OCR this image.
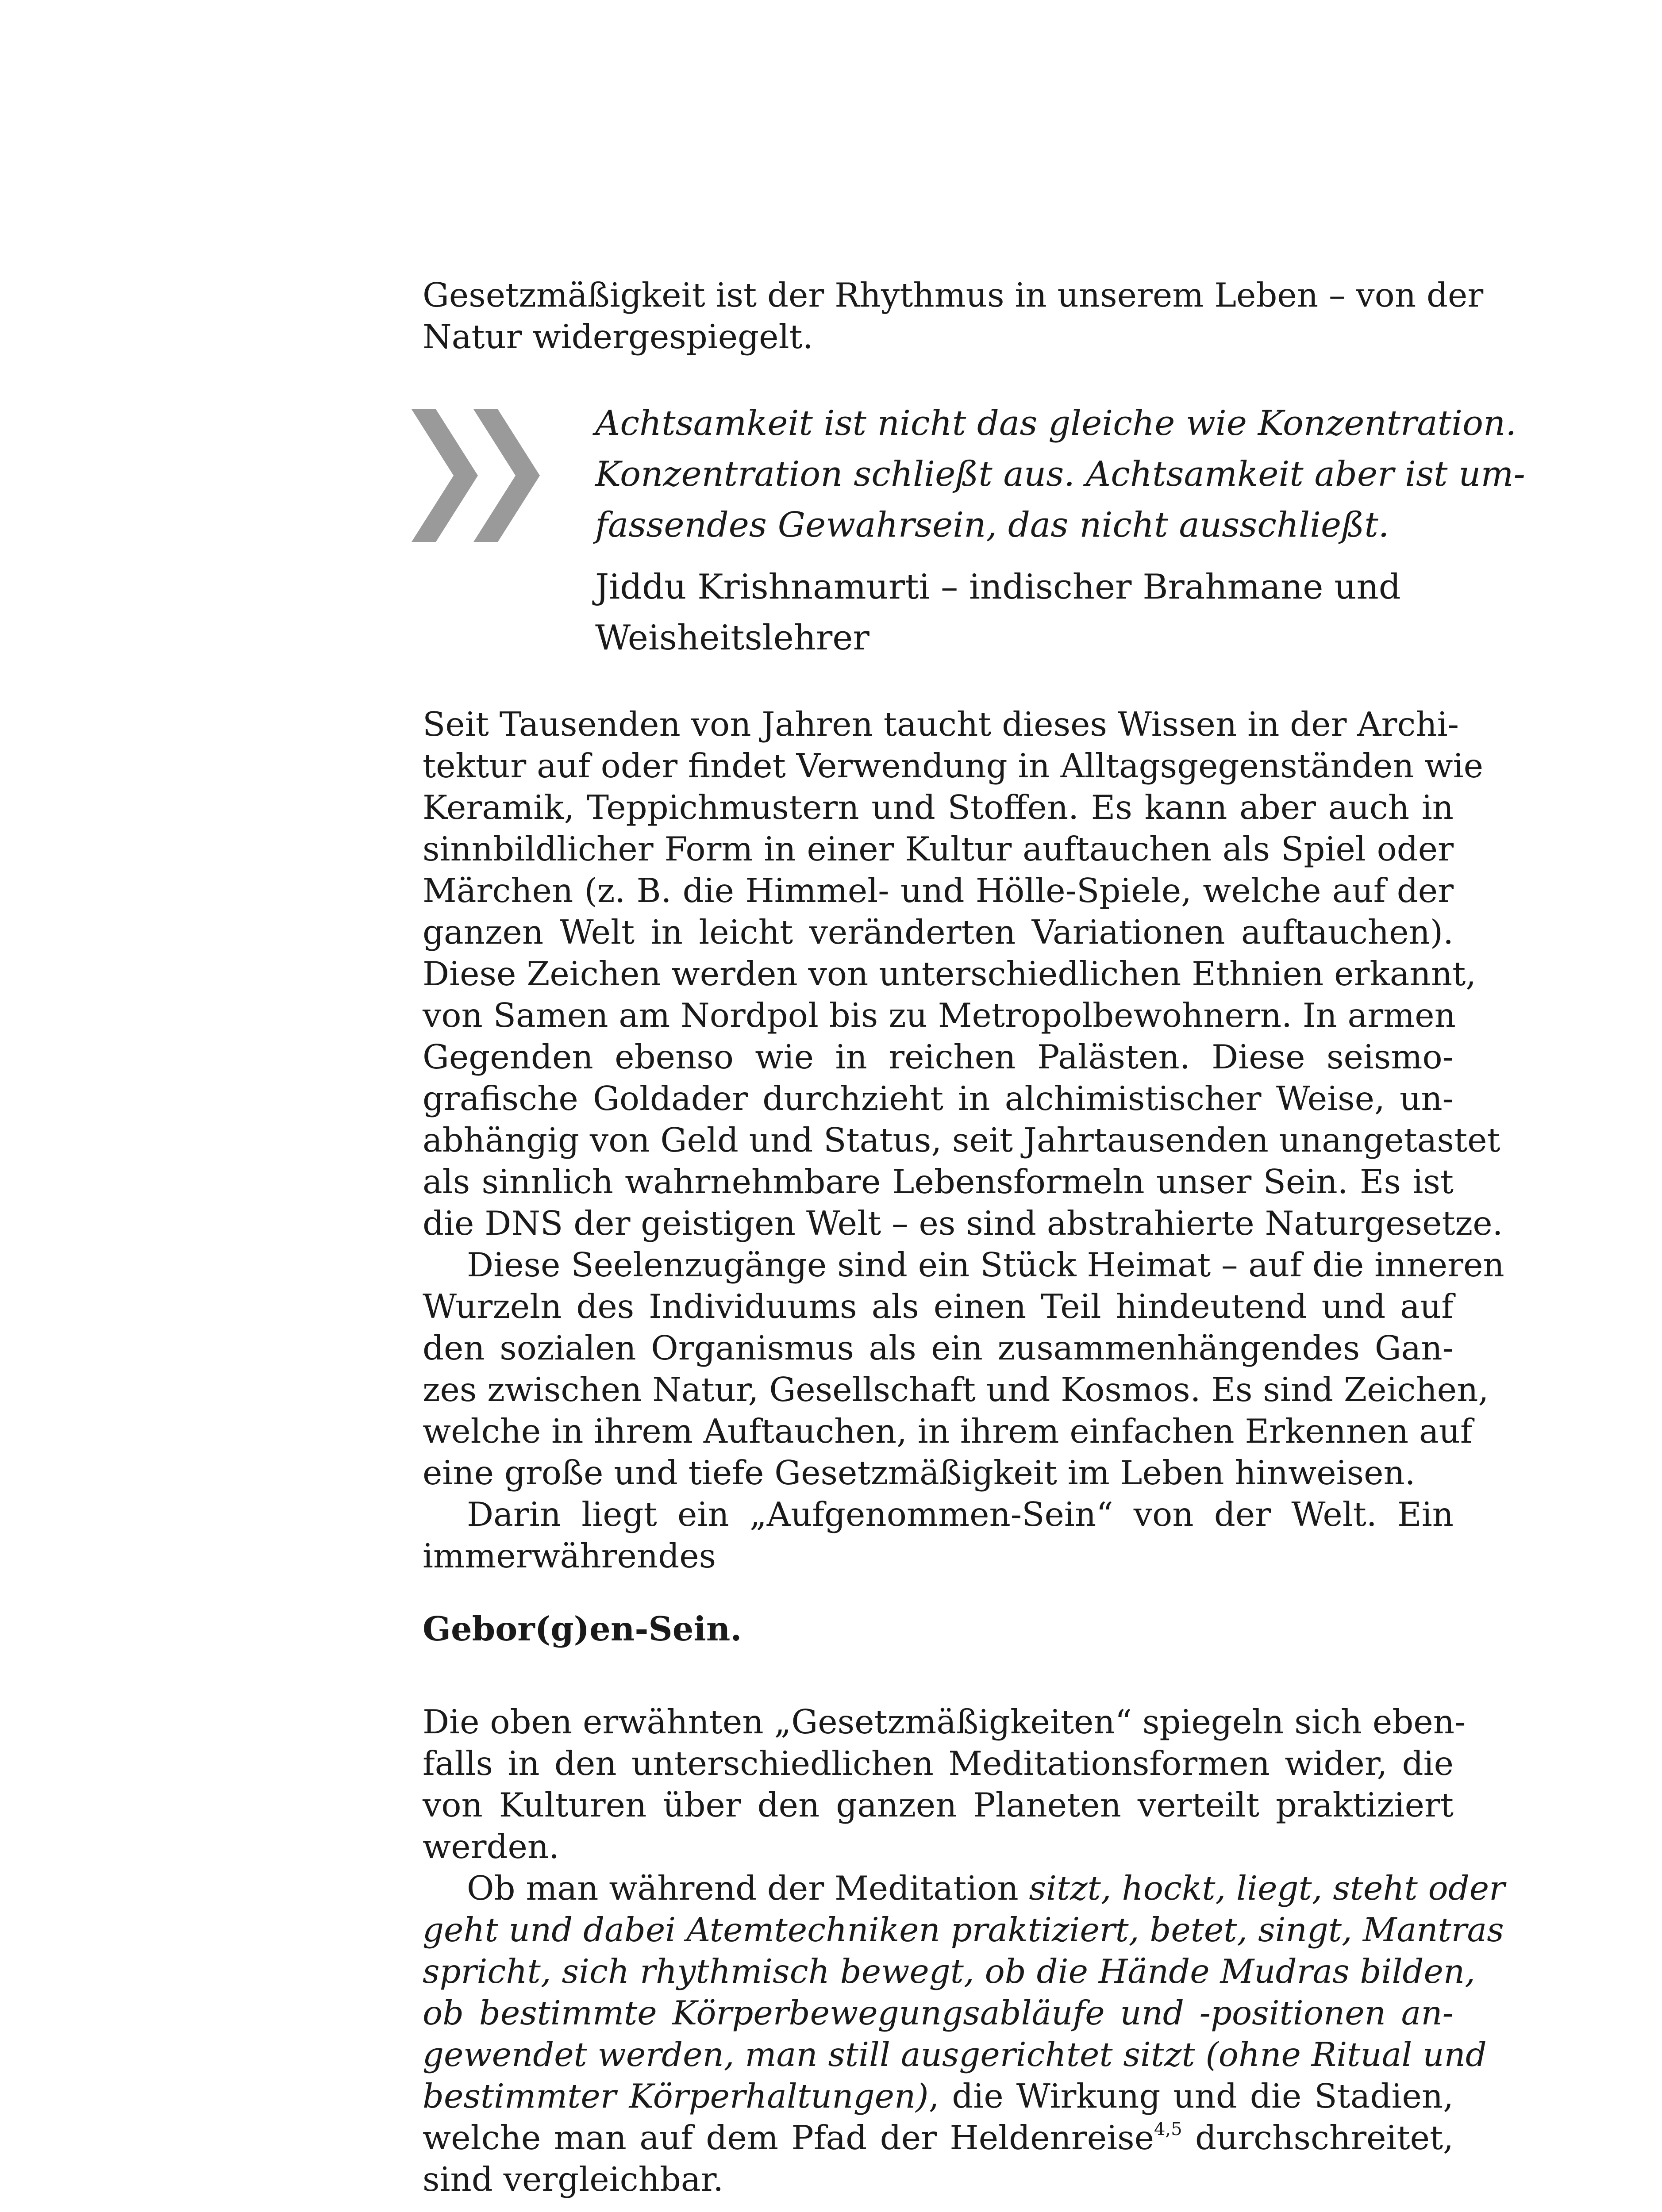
Gesetzmäßigkeit ist der Rhythmus in unserem Leben – von der
Natur widergespiegelt.
Achtsamkeit ist nicht das gleiche wie Konzentration.
Konzentration schließt aus. Achtsamkeit aber ist um-
fassendes Gewahrsein, das nicht ausschließt.
Jiddu Krishnamurti – indischer Brahmane und
Weisheitslehrer
Seit Tausenden von Jahren taucht dieses Wissen in der Archi-
tektur auf oder findet Verwendung in Alltagsgegenständen wie
Keramik, Teppichmustern und Stoffen. Es kann aber auch in
sinnbildlicher Form in einer Kultur auftauchen als Spiel oder
Märchen (z. B. die Himmel- und Hölle-Spiele, welche auf der
ganzen Welt in leicht veränderten Variationen auftauchen).
Diese Zeichen werden von unterschiedlichen Ethnien erkannt,
von Samen am Nordpol bis zu Metropolbewohnern. In armen
Gegenden ebenso wie in reichen Palästen. Diese seismo-
grafische Goldader durchzieht in alchimistischer Weise, un-
abhängig von Geld und Status, seit Jahrtausenden unangetastet
als sinnlich wahrnehmbare Lebensformeln unser Sein. Es ist
die DNS der geistigen Welt – es sind abstrahierte Naturgesetze.
Diese Seelenzugänge sind ein Stück Heimat – auf die inneren
Wurzeln des Individuums als einen Teil hindeutend und auf
den sozialen Organismus als ein zusammenhängendes Gan-
zes zwischen Natur, Gesellschaft und Kosmos. Es sind Zeichen,
welche in ihrem Auftauchen, in ihrem einfachen Erkennen auf
eine große und tiefe Gesetzmäßigkeit im Leben hinweisen.
Darin liegt ein „Aufgenommen-Sein“ von der Welt. Ein
immerwährendes
Gebor(g)en-Sein.
Die oben erwähnten „Gesetzmäßigkeiten“ spiegeln sich eben-
falls in den unterschiedlichen Meditationsformen wider, die
von Kulturen über den ganzen Planeten verteilt praktiziert
werden.
Ob man während der Meditation sitzt, hockt, liegt, steht oder
geht und dabei Atemtechniken praktiziert, betet, singt, Mantras
spricht, sich rhythmisch bewegt, ob die Hände Mudras bilden,
ob bestimmte Körperbewegungsabläufe und -positionen an-
gewendet werden, man still ausgerichtet sitzt (ohne Ritual und
bestimmter Körperhaltungen), die Wirkung und die Stadien,
welche man auf dem Pfad der Heldenreise$^{4,5}$ durchschreitet,
sind vergleichbar.
